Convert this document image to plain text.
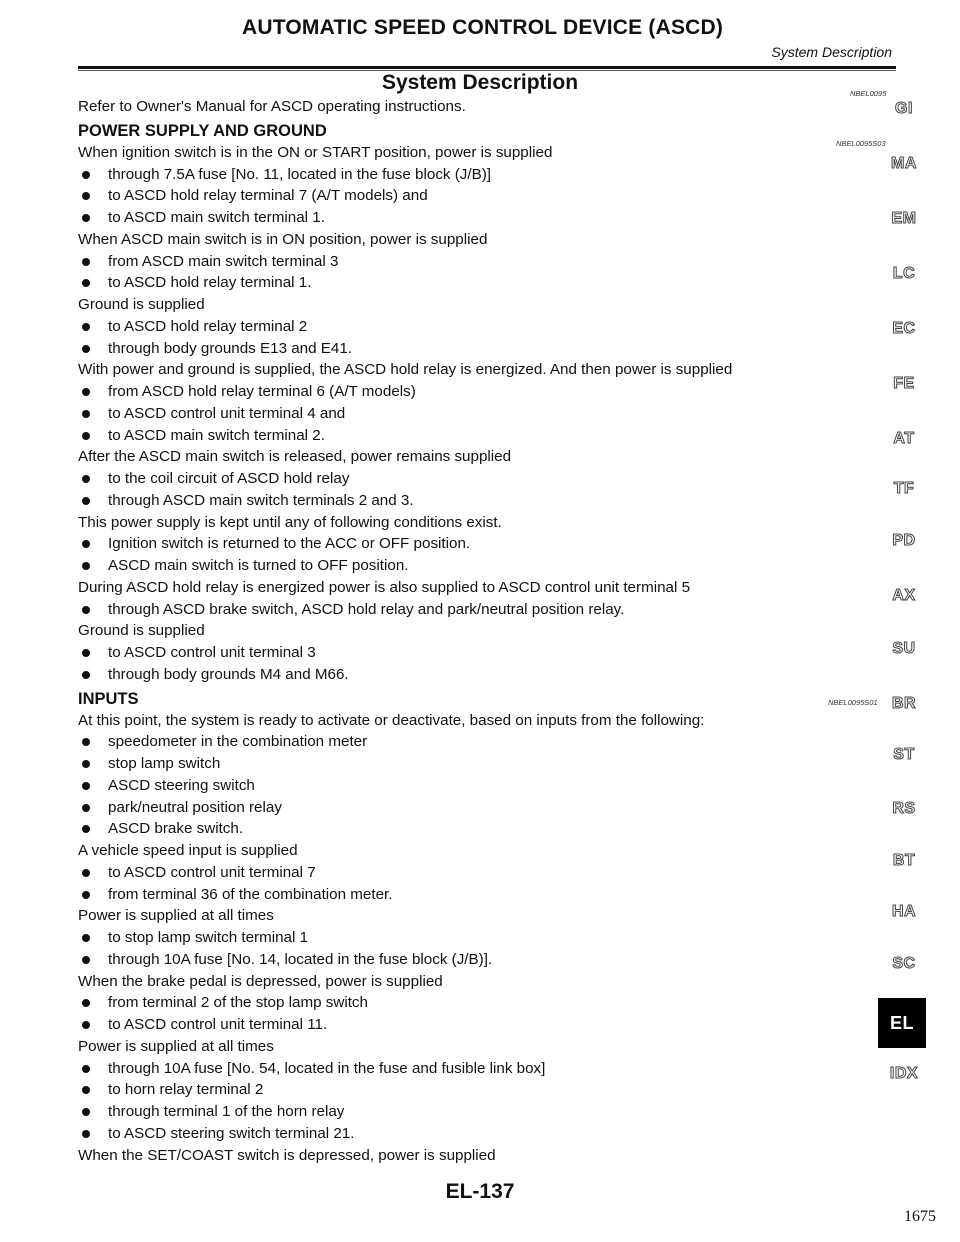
AUTOMATIC SPEED CONTROL DEVICE (ASCD)
System Description
System Description	NBEL0095
NBEL0095S03
NBEL0095S01
Refer to Owner's Manual for ASCD operating instructions.
POWER SUPPLY AND GROUND
When ignition switch is in the ON or START position, power is supplied
through 7.5A fuse [No. 11, located in the fuse block (J/B)]
to ASCD hold relay terminal 7 (A/T models) and
to ASCD main switch terminal 1.
When ASCD main switch is in ON position, power is supplied
from ASCD main switch terminal 3
to ASCD hold relay terminal 1.
Ground is supplied
to ASCD hold relay terminal 2
through body grounds E13 and E41.
With power and ground is supplied, the ASCD hold relay is energized. And then power is supplied
from ASCD hold relay terminal 6 (A/T models)
to ASCD control unit terminal 4 and
to ASCD main switch terminal 2.
After the ASCD main switch is released, power remains supplied
to the coil circuit of ASCD hold relay
through ASCD main switch terminals 2 and 3.
This power supply is kept until any of following conditions exist.
Ignition switch is returned to the ACC or OFF position.
ASCD main switch is turned to OFF position.
During ASCD hold relay is energized power is also supplied to ASCD control unit terminal 5
through ASCD brake switch, ASCD hold relay and park/neutral position relay.
Ground is supplied
to ASCD control unit terminal 3
through body grounds M4 and M66.
INPUTS
At this point, the system is ready to activate or deactivate, based on inputs from the following:
speedometer in the combination meter
stop lamp switch
ASCD steering switch
park/neutral position relay
ASCD brake switch.
A vehicle speed input is supplied
to ASCD control unit terminal 7
from terminal 36 of the combination meter.
Power is supplied at all times
to stop lamp switch terminal 1
through 10A fuse [No. 14, located in the fuse block (J/B)].
When the brake pedal is depressed, power is supplied
from terminal 2 of the stop lamp switch
to ASCD control unit terminal 11.
Power is supplied at all times
through 10A fuse [No. 54, located in the fuse and fusible link box]
to horn relay terminal 2
through terminal 1 of the horn relay
to ASCD steering switch terminal 21.
When the SET/COAST switch is depressed, power is supplied
GI
MA
EM
LC
EC
FE
AT
TF
PD
AX
SU
BR
ST
RS
BT
HA
SC
EL
IDX
EL-137
1675
